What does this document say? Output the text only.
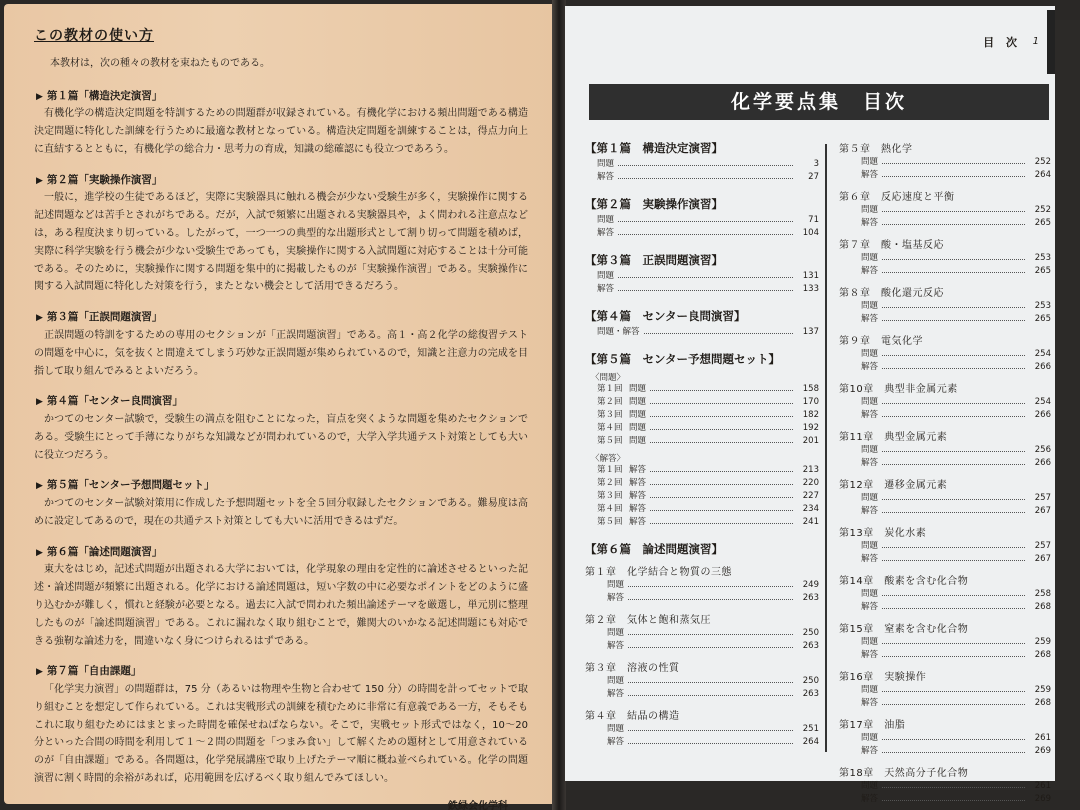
この教材の使い方
本教材は，次の種々の教材を束ねたものである。
▶ 第１篇「構造決定演習」
有機化学の構造決定問題を特訓するための問題群が収録されている。有機化学における頻出問題である構造決定問題に特化した訓練を行うために最適な教材となっている。構造決定問題を訓練することは，得点力向上に直結するとともに，有機化学の総合力・思考力の育成，知識の総確認にも役立つであろう。
▶ 第２篇「実験操作演習」
一般に，進学校の生徒であるほど，実際に実験器具に触れる機会が少ない受験生が多く，実験操作に関する記述問題などは苦手とされがちである。だが，入試で頻繁に出題される実験器具や，よく問われる注意点などは，ある程度決まり切っている。したがって，一つ一つの典型的な出題形式として割り切って問題を積めば，実際に科学実験を行う機会が少ない受験生であっても，実験操作に関する入試問題に対応することは十分可能である。そのために，実験操作に関する問題を集中的に掲載したものが「実験操作演習」である。実験操作に関する入試問題に特化した対策を行う，またとない機会として活用できるだろう。
▶ 第３篇「正誤問題演習」
正誤問題の特訓をするための専用のセクションが「正誤問題演習」である。高１・高２化学の総復習テストの問題を中心に，気を抜くと間違えてしまう巧妙な正誤問題が集められているので，知識と注意力の完成を目指して取り組んでみるとよいだろう。
▶ 第４篇「センター良問演習」
かつてのセンター試験で，受験生の満点を阻むことになった，盲点を突くような問題を集めたセクションである。受験生にとって手薄になりがちな知識などが問われているので，大学入学共通テスト対策としても大いに役立つだろう。
▶ 第５篇「センター予想問題セット」
かつてのセンター試験対策用に作成した予想問題セットを全５回分収録したセクションである。難易度は高めに設定してあるので，現在の共通テスト対策としても大いに活用できるはずだ。
▶ 第６篇「論述問題演習」
東大をはじめ，記述式問題が出題される大学においては，化学現象の理由を定性的に論述させるといった記述・論述問題が頻繁に出題される。化学における論述問題は，短い字数の中に必要なポイントをどのように盛り込むかが難しく，慣れと経験が必要となる。過去に入試で問われた頻出論述テーマを厳選し，単元別に整理したものが「論述問題演習」である。これに漏れなく取り組むことで，難関大のいかなる記述問題にも対応できる強靭な論述力を，間違いなく身につけられるはずである。
▶ 第７篇「自由課題」
「化学実力演習」の問題群は，75 分（あるいは物理や生物と合わせて 150 分）の時間を計ってセットで取り組むことを想定して作られている。これは実戦形式の訓練を積むために非常に有意義である一方，そもそもこれに取り組むためにはまとまった時間を確保せねばならない。そこで，実戦セット形式ではなく，10～20分といった合間の時間を利用して１～２問の問題を「つまみ食い」して解くための題材として用意されているのが「自由課題」である。各問題は，化学発展講座で取り上げたテーマ順に概ね並べられている。化学の問題演習に割く時間的余裕があれば，応用範囲を広げるべく取り組んでみてほしい。
鉄緑会化学科
目 次 1
化学要点集　目次
【第１篇　構造決定演習】
問題	3
解答	27
【第２篇　実験操作演習】
問題	71
解答	104
【第３篇　正誤問題演習】
問題	131
解答	133
【第４篇　センター良問演習】
問題・解答	137
【第５篇　センター予想問題セット】
〈問題〉
第１回 問題	158
第２回 問題	170
第３回 問題	182
第４回 問題	192
第５回 問題	201
〈解答〉
第１回 解答	213
第２回 解答	220
第３回 解答	227
第４回 解答	234
第５回 解答	241
【第６篇　論述問題演習】
第１章　化学結合と物質の三態
問題	249
解答	263
第２章　気体と飽和蒸気圧
問題	250
解答	263
第３章　溶液の性質
問題	250
解答	263
第４章　結晶の構造
問題	251
解答	264
第５章　熱化学
問題	252
解答	264
第６章　反応速度と平衡
問題	252
解答	265
第７章　酸・塩基反応
問題	253
解答	265
第８章　酸化還元反応
問題	253
解答	265
第９章　電気化学
問題	254
解答	266
第10章　典型非金属元素
問題	254
解答	266
第11章　典型金属元素
問題	256
解答	266
第12章　遷移金属元素
問題	257
解答	267
第13章　炭化水素
問題	257
解答	267
第14章　酸素を含む化合物
問題	258
解答	268
第15章　窒素を含む化合物
問題	259
解答	268
第16章　実験操作
問題	259
解答	268
第17章　油脂
問題	261
解答	269
第18章　天然高分子化合物
問題	261
解答	269
